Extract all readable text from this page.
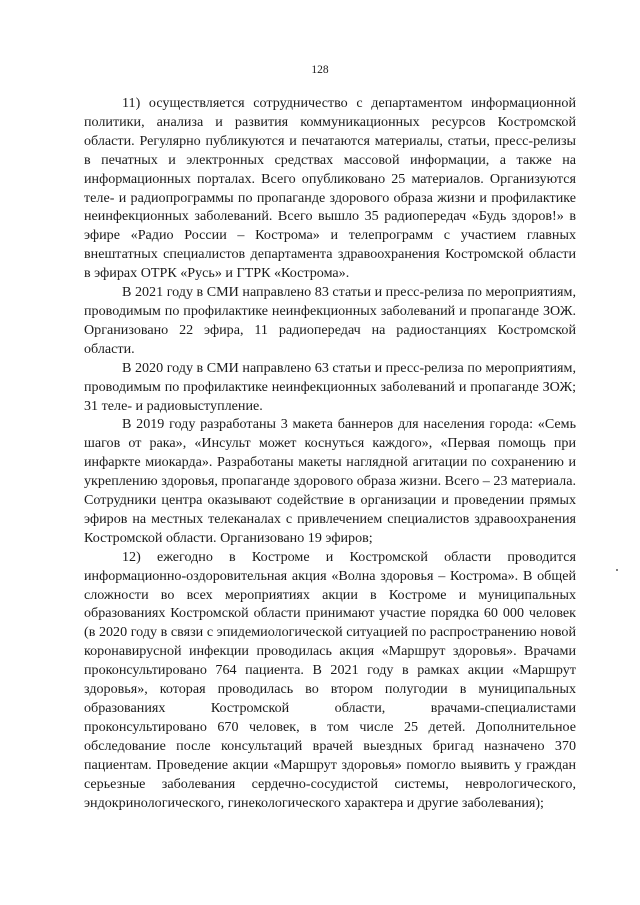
128

11) осуществляется сотрудничество с департаментом информационной политики, анализа и развития коммуникационных ресурсов Костромской области. Регулярно публикуются и печатаются материалы, статьи, пресс-релизы в печатных и электронных средствах массовой информации, а также на информационных порталах. Всего опубликовано 25 материалов. Организуются теле- и радиопрограммы по пропаганде здорового образа жизни и профилактике неинфекционных заболеваний. Всего вышло 35 радиопередач «Будь здоров!» в эфире «Радио России – Кострома» и телепрограмм с участием главных внештатных специалистов департамента здравоохранения Костромской области в эфирах ОТРК «Русь» и ГТРК «Кострома».

В 2021 году в СМИ направлено 83 статьи и пресс-релиза по мероприятиям, проводимым по профилактике неинфекционных заболеваний и пропаганде ЗОЖ. Организовано 22 эфира, 11 радиопередач на радиостанциях Костромской области.

В 2020 году в СМИ направлено 63 статьи и пресс-релиза по мероприятиям, проводимым по профилактике неинфекционных заболеваний и пропаганде ЗОЖ; 31 теле- и радиовыступление.

В 2019 году разработаны 3 макета баннеров для населения города: «Семь шагов от рака», «Инсульт может коснуться каждого», «Первая помощь при инфаркте миокарда». Разработаны макеты наглядной агитации по сохранению и укреплению здоровья, пропаганде здорового образа жизни. Всего – 23 материала. Сотрудники центра оказывают содействие в организации и проведении прямых эфиров на местных телеканалах с привлечением специалистов здравоохранения Костромской области. Организовано 19 эфиров;

12) ежегодно в Костроме и Костромской области проводится информационно-оздоровительная акция «Волна здоровья – Кострома». В общей сложности во всех мероприятиях акции в Костроме и муниципальных образованиях Костромской области принимают участие порядка 60 000 человек (в 2020 году в связи с эпидемиологической ситуацией по распространению новой коронавирусной инфекции проводилась акция «Маршрут здоровья». Врачами проконсультировано 764 пациента. В 2021 году в рамках акции «Маршрут здоровья», которая проводилась во втором полугодии в муниципальных образованиях Костромской области, врачами-специалистами проконсультировано 670 человек, в том числе 25 детей. Дополнительное обследование после консультаций врачей выездных бригад назначено 370 пациентам. Проведение акции «Маршрут здоровья» помогло выявить у граждан серьезные заболевания сердечно-сосудистой системы, неврологического, эндокринологического, гинекологического характера и другие заболевания);
